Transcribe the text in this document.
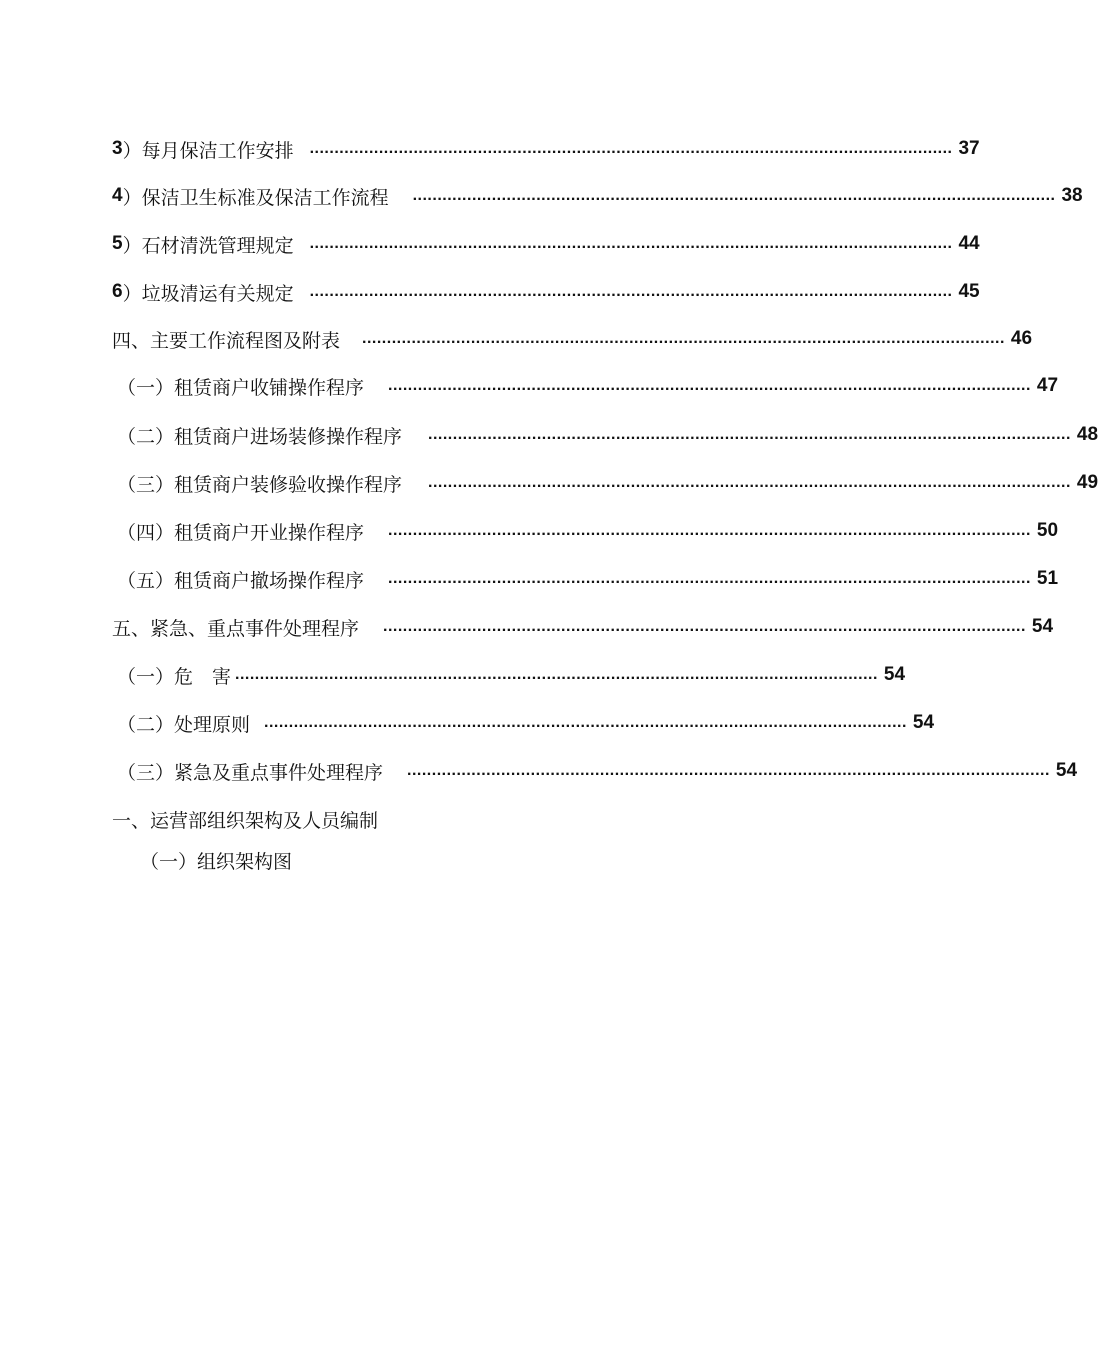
3 ）每月保洁工作安排 .................................................................................................................................. 37
4 ）保洁卫生标准及保洁工作流程 .................................................................................................................................. 38
5 ）石材清洗管理规定 .................................................................................................................................. 44
6 ）垃圾清运有关规定 .................................................................................................................................. 45
四、主要工作流程图及附表 .................................................................................................................................. 46
（一）租赁商户收铺操作程序 .................................................................................................................................. 47
（二）租赁商户进场装修操作程序 .................................................................................................................................. 48
（三）租赁商户装修验收操作程序 .................................................................................................................................. 49
（四）租赁商户开业操作程序 .................................................................................................................................. 50
（五）租赁商户撤场操作程序 .................................................................................................................................. 51
五、紧急、重点事件处理程序 .................................................................................................................................. 54
（一）危　害 .................................................................................................................................. 54
（二）处理原则 .................................................................................................................................. 54
（三）紧急及重点事件处理程序 .................................................................................................................................. 54
一、运营部组织架构及人员编制
（一）组织架构图
